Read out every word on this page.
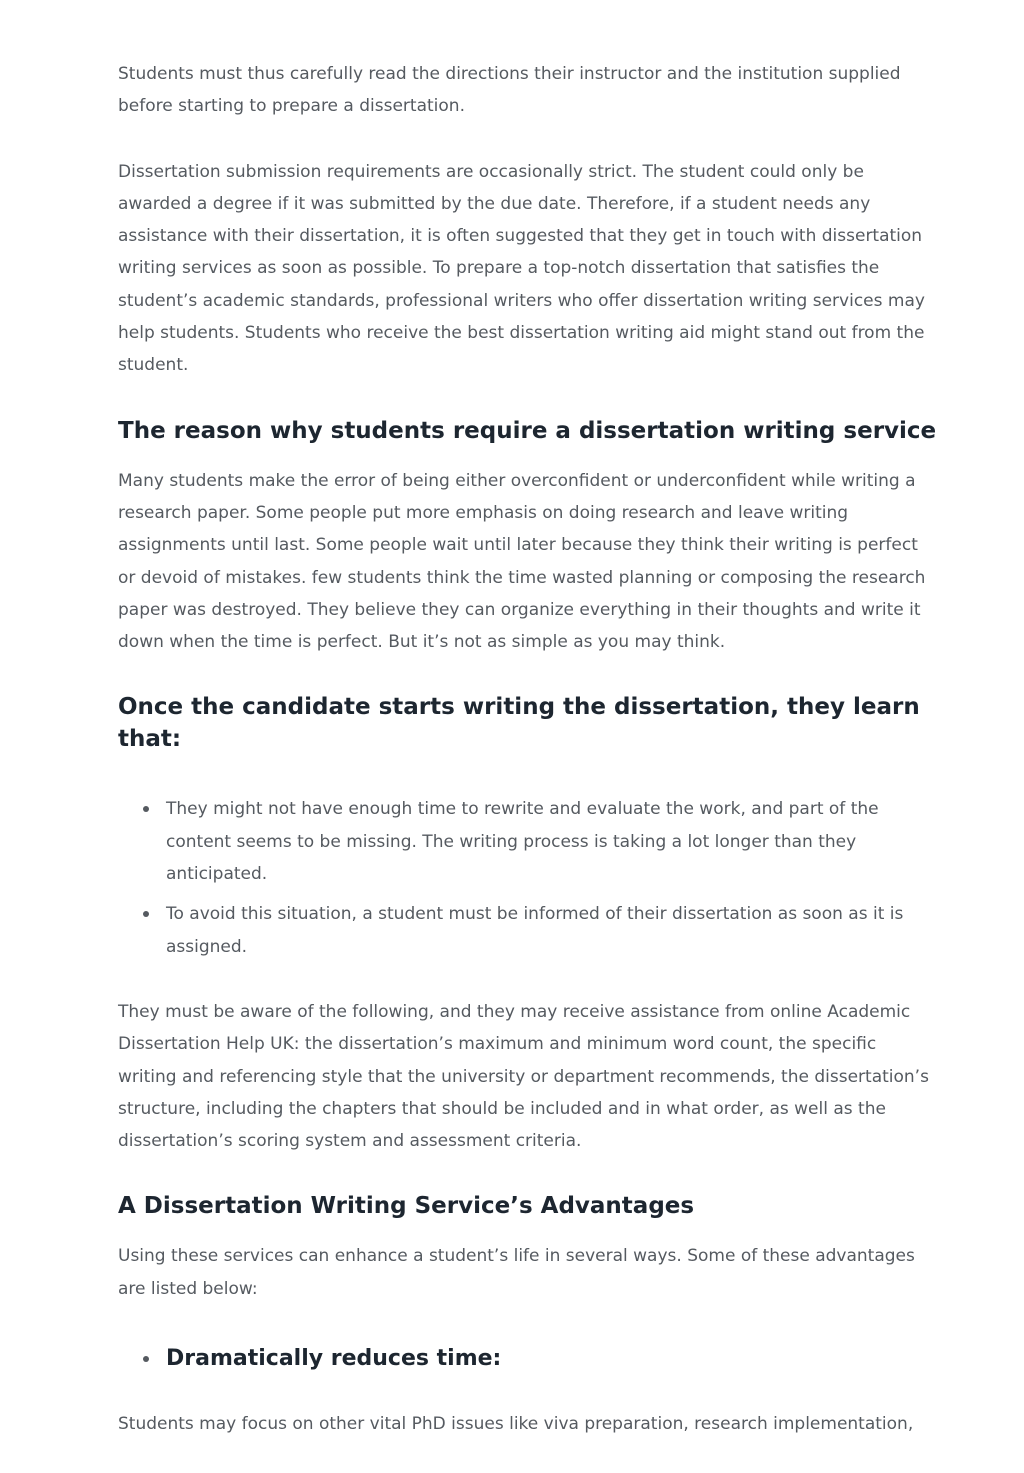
Students must thus carefully read the directions their instructor and the institution supplied before starting to prepare a dissertation.

Dissertation submission requirements are occasionally strict. The student could only be awarded a degree if it was submitted by the due date. Therefore, if a student needs any assistance with their dissertation, it is often suggested that they get in touch with dissertation writing services as soon as possible. To prepare a top-notch dissertation that satisfies the student’s academic standards, professional writers who offer dissertation writing services may help students. Students who receive the best dissertation writing aid might stand out from the student.

The reason why students require a dissertation writing service

Many students make the error of being either overconfident or underconfident while writing a research paper. Some people put more emphasis on doing research and leave writing assignments until last. Some people wait until later because they think their writing is perfect or devoid of mistakes. few students think the time wasted planning or composing the research paper was destroyed. They believe they can organize everything in their thoughts and write it down when the time is perfect. But it’s not as simple as you may think.

Once the candidate starts writing the dissertation, they learn that:
They might not have enough time to rewrite and evaluate the work, and part of the content seems to be missing. The writing process is taking a lot longer than they anticipated.
To avoid this situation, a student must be informed of their dissertation as soon as it is assigned.

They must be aware of the following, and they may receive assistance from online Academic Dissertation Help UK: the dissertation’s maximum and minimum word count, the specific writing and referencing style that the university or department recommends, the dissertation’s structure, including the chapters that should be included and in what order, as well as the dissertation’s scoring system and assessment criteria.

A Dissertation Writing Service’s Advantages

Using these services can enhance a student’s life in several ways. Some of these advantages are listed below:

Dramatically reduces time:

Students may focus on other vital PhD issues like viva preparation, research implementation,
